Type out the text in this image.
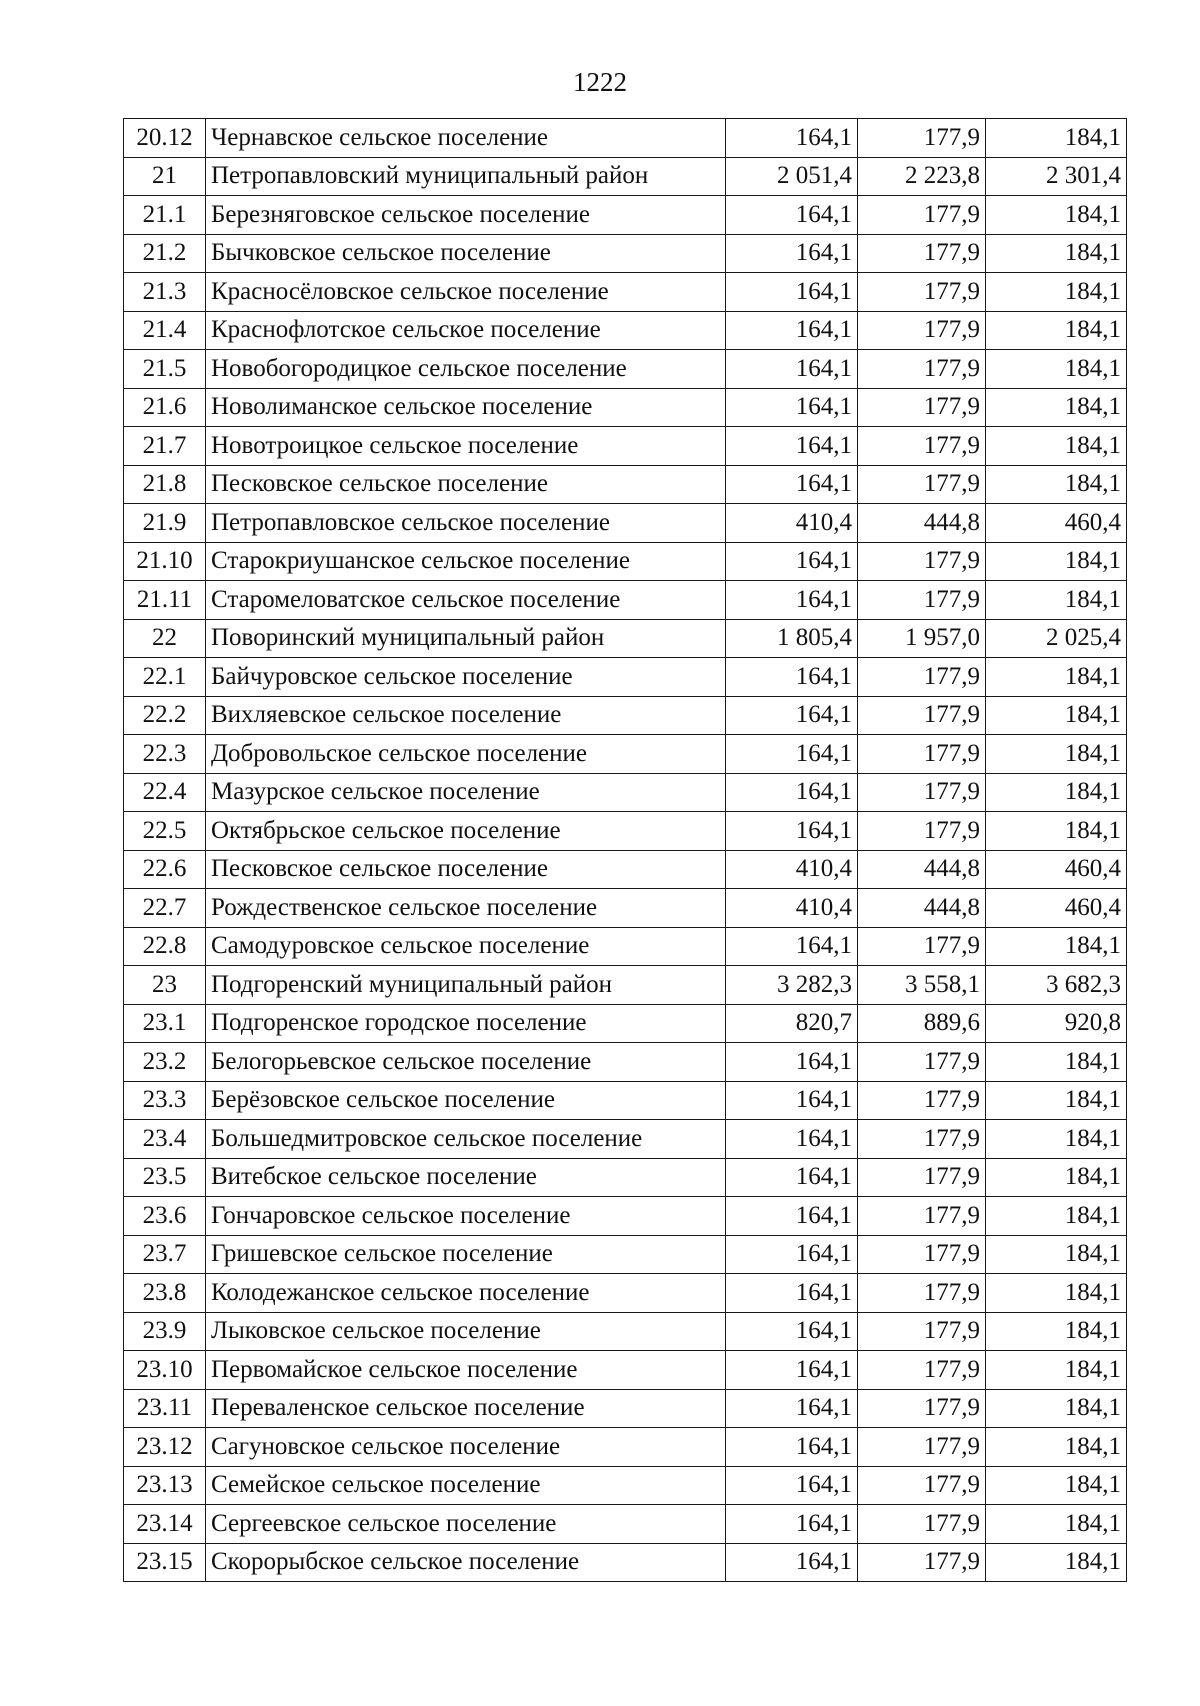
1222
20.12	Чернавское сельское поселение	164,1	177,9	184,1
21	Петропавловский муниципальный район	2 051,4	2 223,8	2 301,4
21.1	Березняговское сельское поселение	164,1	177,9	184,1
21.2	Бычковское сельское поселение	164,1	177,9	184,1
21.3	Красносёловское сельское поселение	164,1	177,9	184,1
21.4	Краснофлотское сельское поселение	164,1	177,9	184,1
21.5	Новобогородицкое сельское поселение	164,1	177,9	184,1
21.6	Новолиманское сельское поселение	164,1	177,9	184,1
21.7	Новотроицкое сельское поселение	164,1	177,9	184,1
21.8	Песковское сельское поселение	164,1	177,9	184,1
21.9	Петропавловское сельское поселение	410,4	444,8	460,4
21.10	Старокриушанское сельское поселение	164,1	177,9	184,1
21.11	Старомеловатское сельское поселение	164,1	177,9	184,1
22	Поворинский муниципальный район	1 805,4	1 957,0	2 025,4
22.1	Байчуровское сельское поселение	164,1	177,9	184,1
22.2	Вихляевское сельское поселение	164,1	177,9	184,1
22.3	Добровольское сельское поселение	164,1	177,9	184,1
22.4	Мазурское сельское поселение	164,1	177,9	184,1
22.5	Октябрьское сельское поселение	164,1	177,9	184,1
22.6	Песковское сельское поселение	410,4	444,8	460,4
22.7	Рождественское сельское поселение	410,4	444,8	460,4
22.8	Самодуровское сельское поселение	164,1	177,9	184,1
23	Подгоренский муниципальный район	3 282,3	3 558,1	3 682,3
23.1	Подгоренское городское поселение	820,7	889,6	920,8
23.2	Белогорьевское сельское поселение	164,1	177,9	184,1
23.3	Берёзовское сельское поселение	164,1	177,9	184,1
23.4	Большедмитровское сельское поселение	164,1	177,9	184,1
23.5	Витебское сельское поселение	164,1	177,9	184,1
23.6	Гончаровское сельское поселение	164,1	177,9	184,1
23.7	Гришевское сельское поселение	164,1	177,9	184,1
23.8	Колодежанское сельское поселение	164,1	177,9	184,1
23.9	Лыковское сельское поселение	164,1	177,9	184,1
23.10	Первомайское сельское поселение	164,1	177,9	184,1
23.11	Переваленское сельское поселение	164,1	177,9	184,1
23.12	Сагуновское сельское поселение	164,1	177,9	184,1
23.13	Семейское сельское поселение	164,1	177,9	184,1
23.14	Сергеевское сельское поселение	164,1	177,9	184,1
23.15	Скорорыбское сельское поселение	164,1	177,9	184,1
